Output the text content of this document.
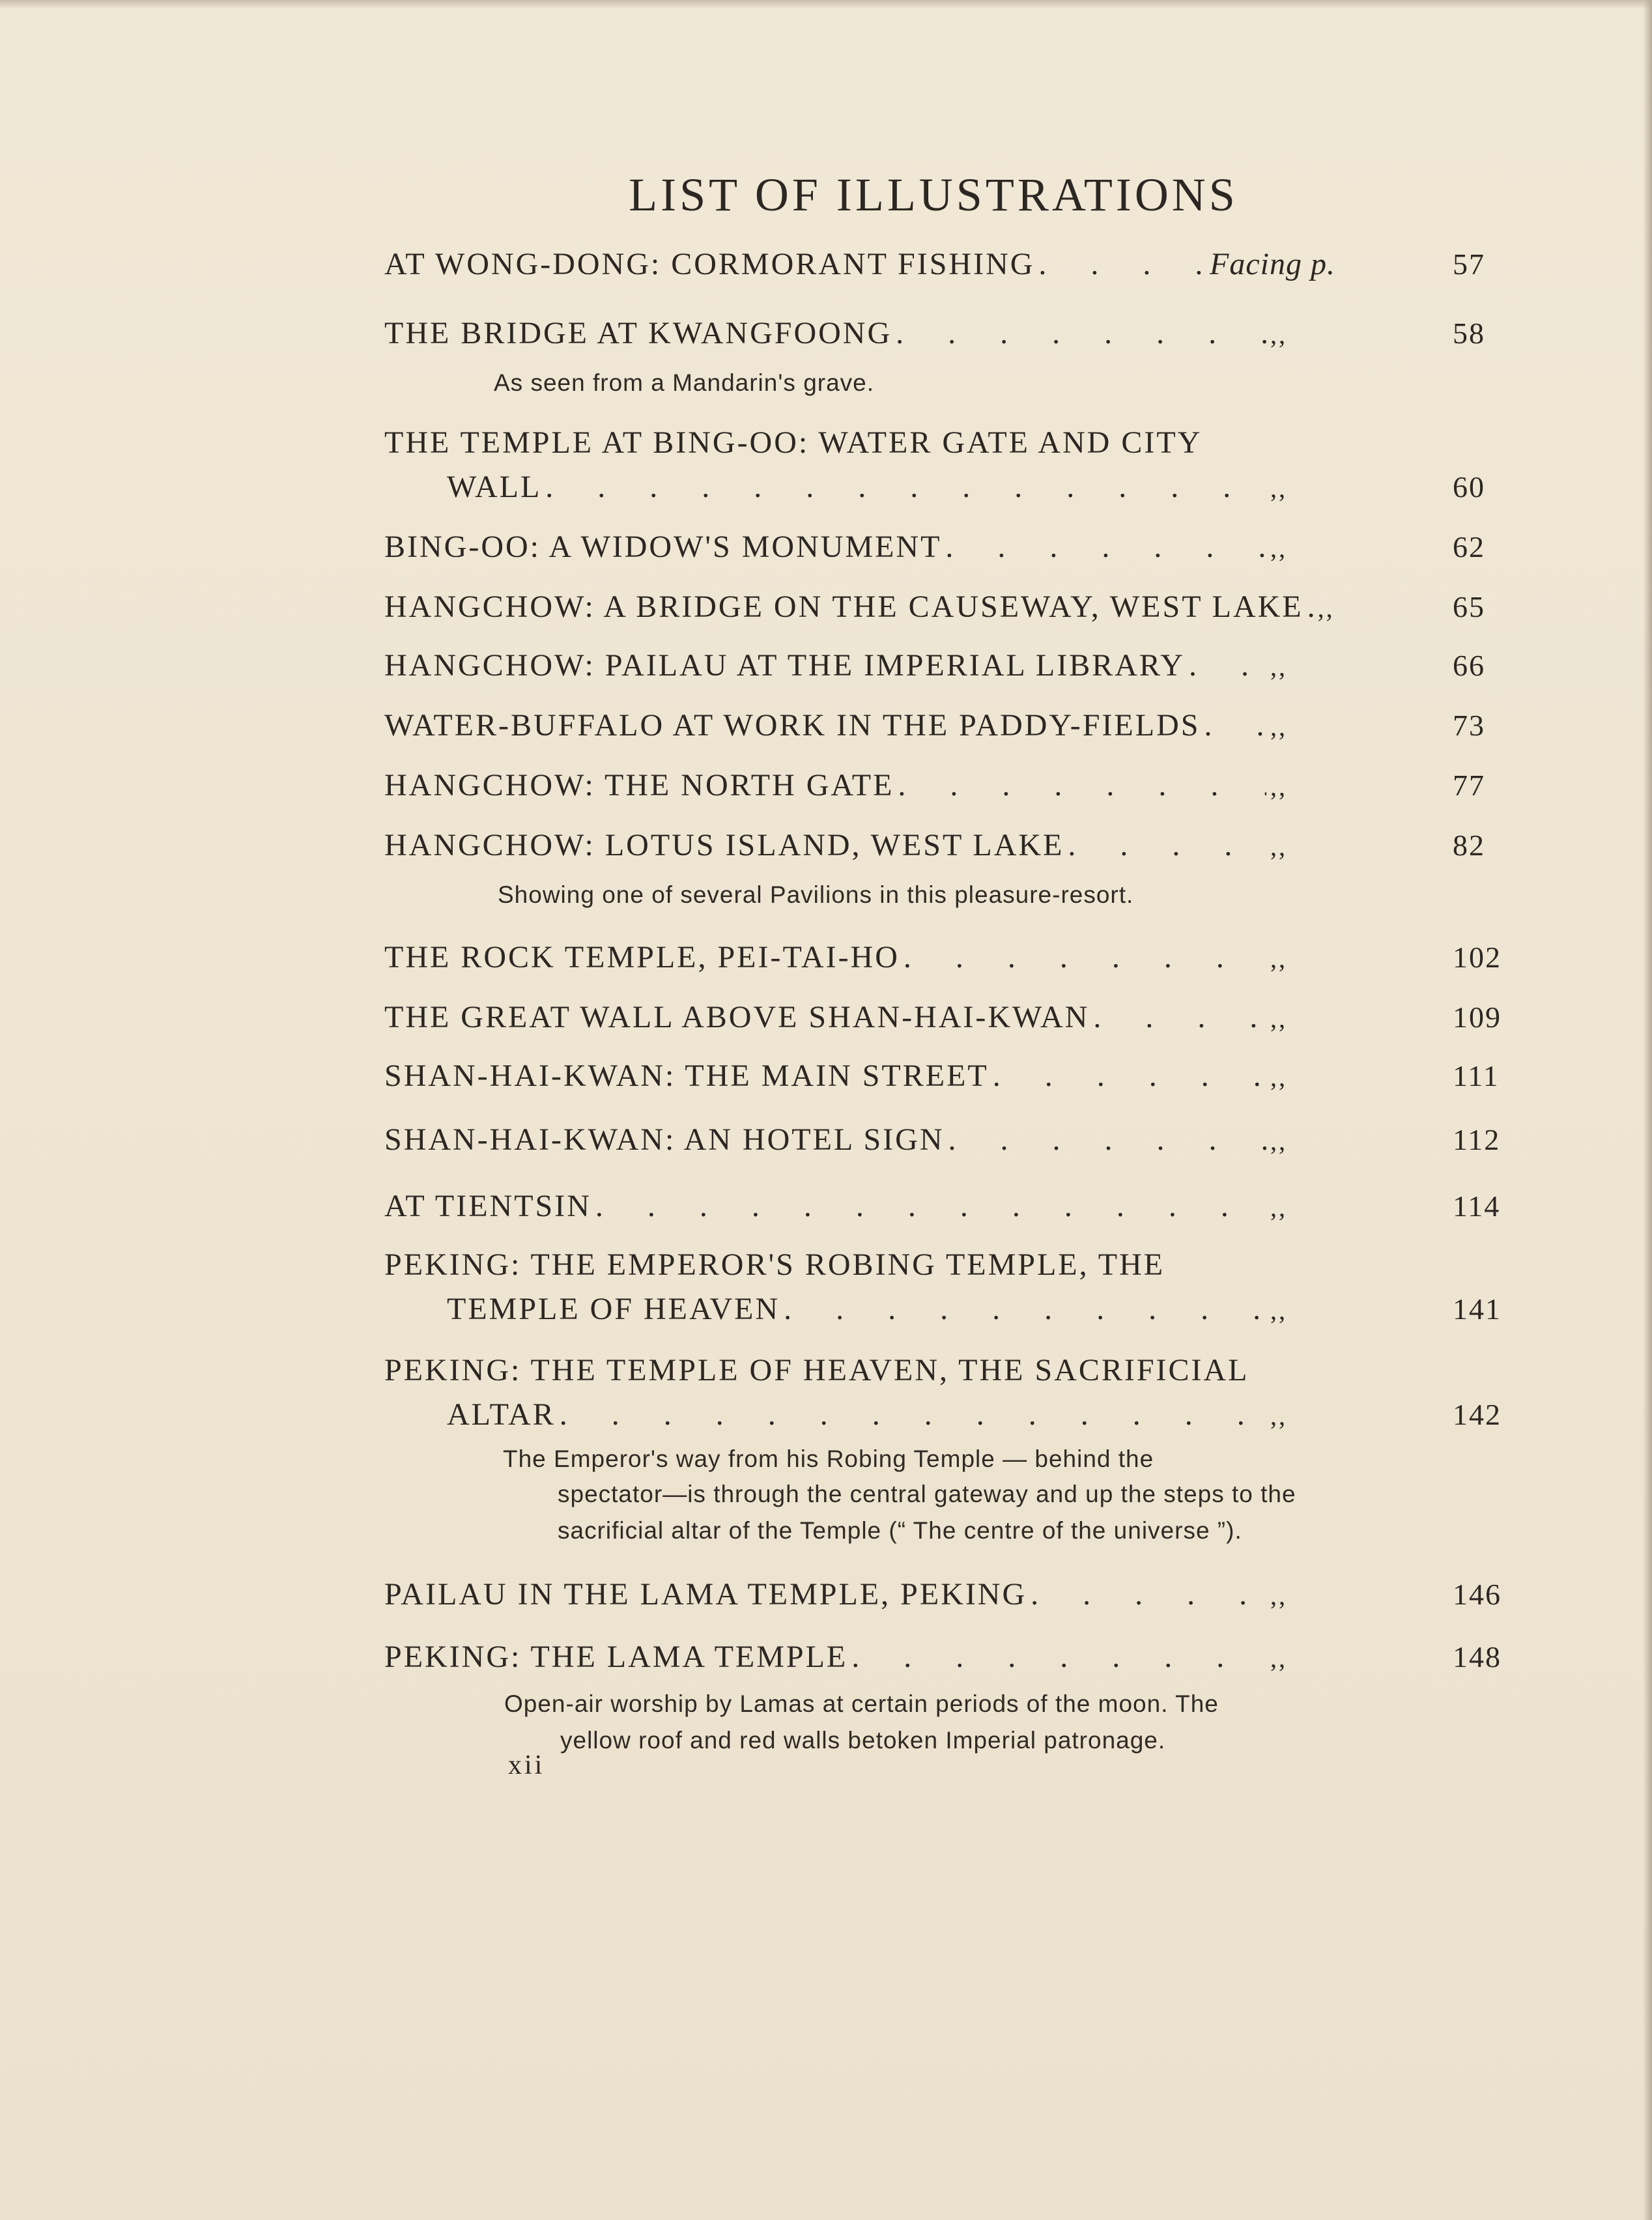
LIST OF ILLUSTRATIONS
AT WONG-DONG: CORMORANT FISHING . . .	Facing p.	57
THE BRIDGE AT KWANGFOONG . . .	,,	58
As seen from a Mandarin's grave.
THE TEMPLE AT BING-OO: WATER GATE AND CITY
WALL . . .	,,	60
BING-OO: A WIDOW'S MONUMENT . . .	,,	62
HANGCHOW: A BRIDGE ON THE CAUSEWAY, WEST LAKE . . . ,,	65
HANGCHOW: PAILAU AT THE IMPERIAL LIBRARY . . .	,,	66
WATER-BUFFALO AT WORK IN THE PADDY-FIELDS . . .	,,	73
HANGCHOW: THE NORTH GATE . . .	,,	77
HANGCHOW: LOTUS ISLAND, WEST LAKE . . .	,,	82
Showing one of several Pavilions in this pleasure-resort.
THE ROCK TEMPLE, PEI-TAI-HO . . .	,,	102
THE GREAT WALL ABOVE SHAN-HAI-KWAN . . .	,,	109
SHAN-HAI-KWAN: THE MAIN STREET . . .	,,	111
SHAN-HAI-KWAN: AN HOTEL SIGN . . .	,,	112
AT TIENTSIN . . .	,,	114
PEKING: THE EMPEROR'S ROBING TEMPLE, THE
TEMPLE OF HEAVEN . . .	,,	141
PEKING: THE TEMPLE OF HEAVEN, THE SACRIFICIAL
ALTAR . . .	,,	142
The Emperor's way from his Robing Temple — behind the
spectator—is through the central gateway and up the steps to the
sacrificial altar of the Temple (“ The centre of the universe ”).
PAILAU IN THE LAMA TEMPLE, PEKING . . .	,,	146
PEKING: THE LAMA TEMPLE . . .	,,	148
Open-air worship by Lamas at certain periods of the moon. The
yellow roof and red walls betoken Imperial patronage.
xii
